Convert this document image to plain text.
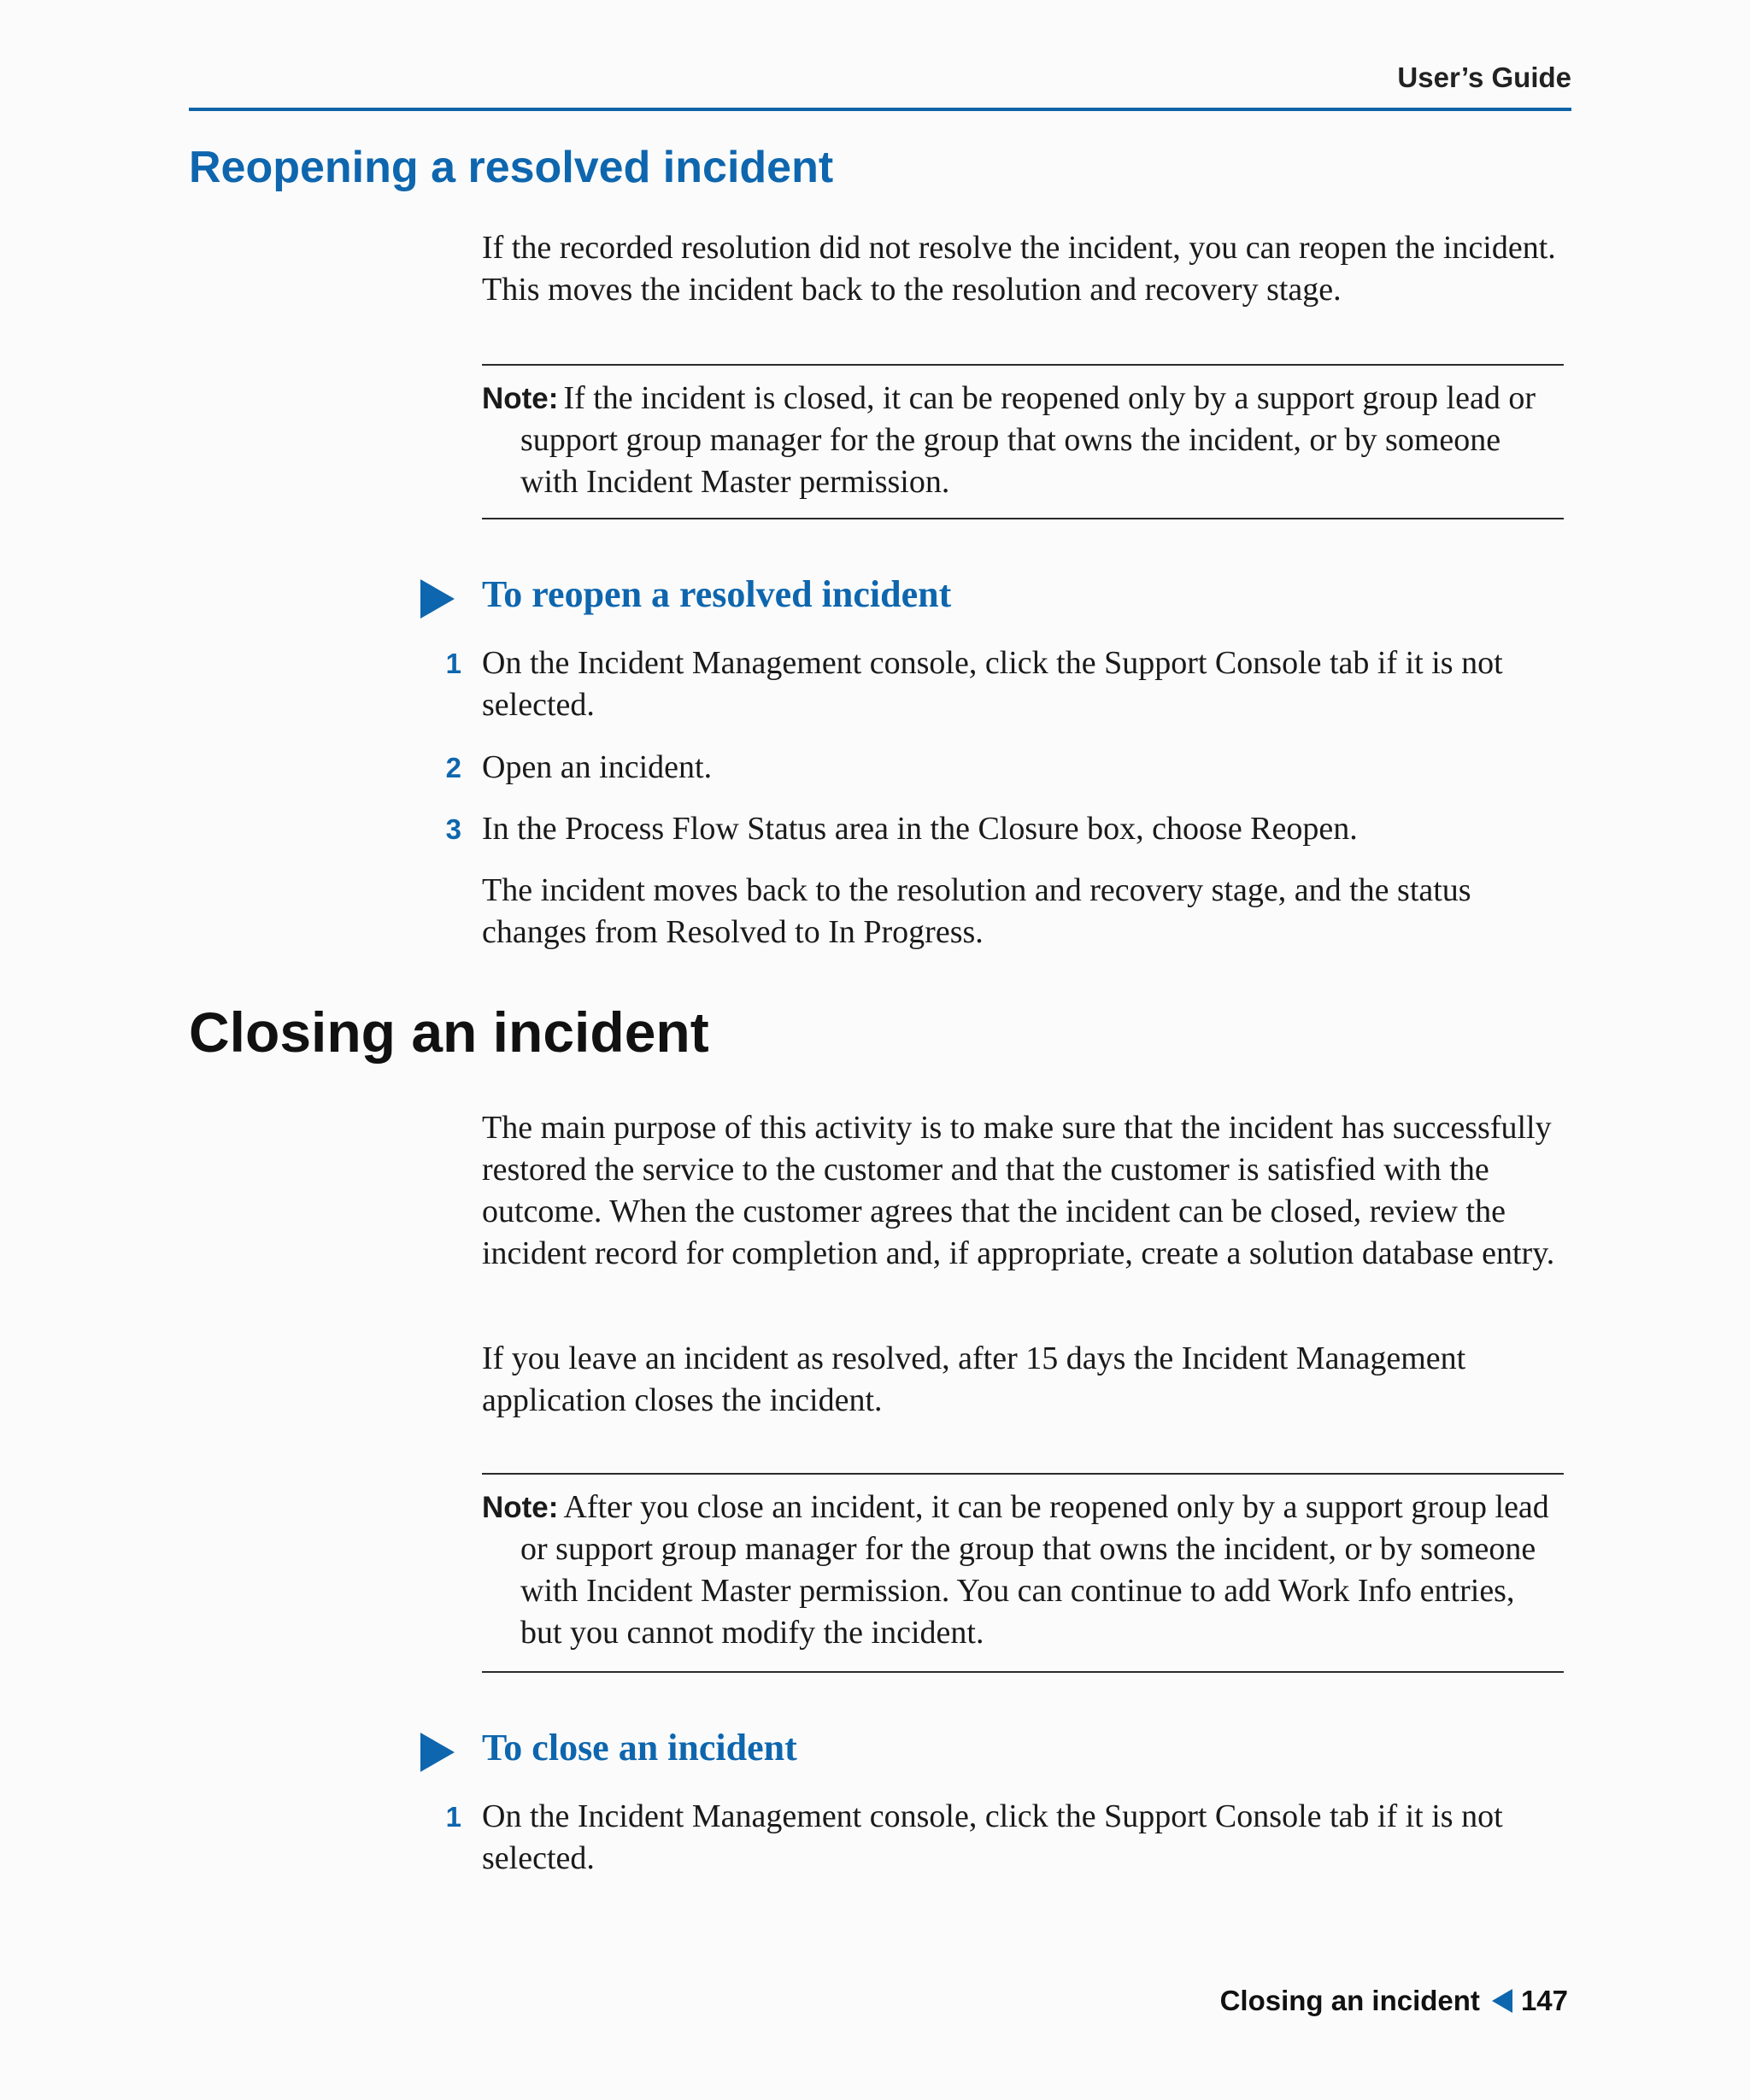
User’s Guide
Reopening a resolved incident

If the recorded resolution did not resolve the incident, you can reopen the incident. This moves the incident back to the resolution and recovery stage.

Note: If the incident is closed, it can be reopened only by a support group lead or support group manager for the group that owns the incident, or by someone with Incident Master permission.

To reopen a resolved incident
1 On the Incident Management console, click the Support Console tab if it is not selected.
2 Open an incident.
3 In the Process Flow Status area in the Closure box, choose Reopen.

The incident moves back to the resolution and recovery stage, and the status changes from Resolved to In Progress.

Closing an incident

The main purpose of this activity is to make sure that the incident has successfully restored the service to the customer and that the customer is satisfied with the outcome. When the customer agrees that the incident can be closed, review the incident record for completion and, if appropriate, create a solution database entry.

If you leave an incident as resolved, after 15 days the Incident Management application closes the incident.

Note: After you close an incident, it can be reopened only by a support group lead or support group manager for the group that owns the incident, or by someone with Incident Master permission. You can continue to add Work Info entries, but you cannot modify the incident.

To close an incident
1 On the Incident Management console, click the Support Console tab if it is not selected.
Closing an incident 147
